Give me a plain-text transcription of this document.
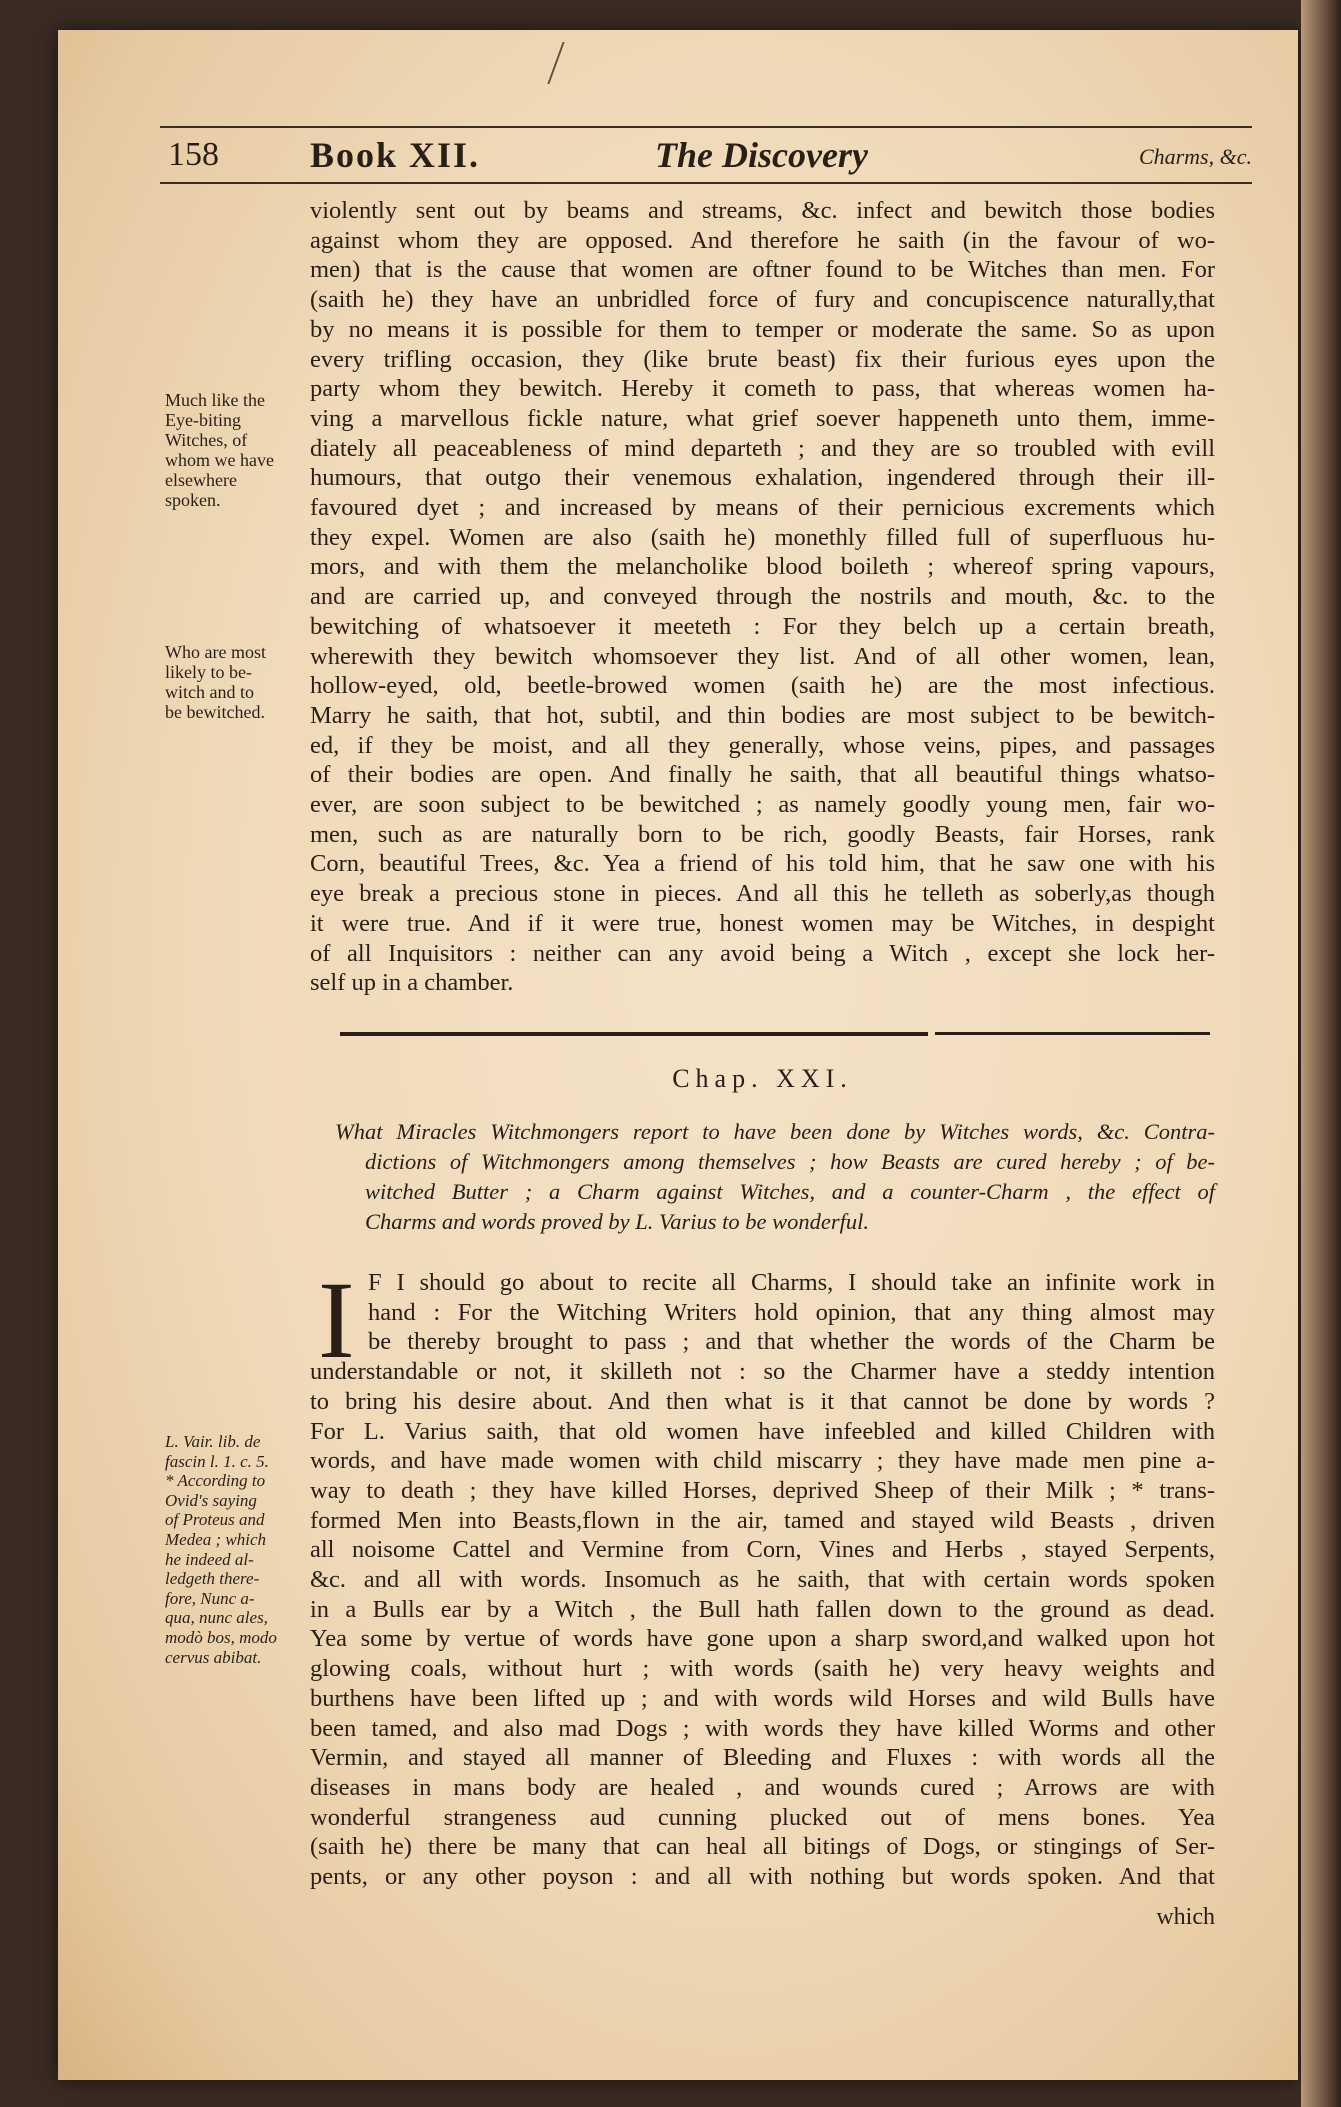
158	Book XII.	The Discovery	Charms, &c.
violently sent out by beams and streams, &c. infect and bewitch those bodies
against whom they are opposed. And therefore he saith (in the favour of wo-
men) that is the cause that women are oftner found to be Witches than men. For
(saith he) they have an unbridled force of fury and concupiscence naturally,that
by no means it is possible for them to temper or moderate the same. So as upon
every trifling occasion, they (like brute beast) fix their furious eyes upon the
party whom they bewitch. Hereby it cometh to pass, that whereas women ha-
ving a marvellous fickle nature, what grief soever happeneth unto them, imme-
diately all peaceableness of mind departeth ; and they are so troubled with evill
humours, that outgo their venemous exhalation, ingendered through their ill-
favoured dyet ; and increased by means of their pernicious excrements which
they expel. Women are also (saith he) monethly filled full of superfluous hu-
mors, and with them the melancholike blood boileth ; whereof spring vapours,
and are carried up, and conveyed through the nostrils and mouth, &c. to the
bewitching of whatsoever it meeteth : For they belch up a certain breath,
wherewith they bewitch whomsoever they list. And of all other women, lean,
hollow-eyed, old, beetle-browed women (saith he) are the most infectious.
Marry he saith, that hot, subtil, and thin bodies are most subject to be bewitch-
ed, if they be moist, and all they generally, whose veins, pipes, and passages
of their bodies are open. And finally he saith, that all beautiful things whatso-
ever, are soon subject to be bewitched ; as namely goodly young men, fair wo-
men, such as are naturally born to be rich, goodly Beasts, fair Horses, rank
Corn, beautiful Trees, &c. Yea a friend of his told him, that he saw one with his
eye break a precious stone in pieces. And all this he telleth as soberly,as though
it were true. And if it were true, honest women may be Witches, in despight
of all Inquisitors : neither can any avoid being a Witch , except she lock her-
self up in a chamber.
Much like the
Eye-biting
Witches, of
whom we have
elsewhere
spoken.
Who are most
likely to be-
witch and to
be bewitched.
Chap. XXI.
What Miracles Witchmongers report to have been done by Witches words, &c. Contra-
dictions of Witchmongers among themselves ; how Beasts are cured hereby ; of be-
witched Butter ; a Charm against Witches, and a counter-Charm , the effect of
Charms and words proved by L. Varius to be wonderful.
I F I should go about to recite all Charms, I should take an infinite work in
hand : For the Witching Writers hold opinion, that any thing almost may
be thereby brought to pass ; and that whether the words of the Charm be
understandable or not, it skilleth not : so the Charmer have a steddy intention
to bring his desire about. And then what is it that cannot be done by words ?
For L. Varius saith, that old women have infeebled and killed Children with
words, and have made women with child miscarry ; they have made men pine a-
way to death ; they have killed Horses, deprived Sheep of their Milk ; * trans-
formed Men into Beasts,flown in the air, tamed and stayed wild Beasts , driven
all noisome Cattel and Vermine from Corn, Vines and Herbs , stayed Serpents,
&c. and all with words. Insomuch as he saith, that with certain words spoken
in a Bulls ear by a Witch , the Bull hath fallen down to the ground as dead.
Yea some by vertue of words have gone upon a sharp sword,and walked upon hot
glowing coals, without hurt ; with words (saith he) very heavy weights and
burthens have been lifted up ; and with words wild Horses and wild Bulls have
been tamed, and also mad Dogs ; with words they have killed Worms and other
Vermin, and stayed all manner of Bleeding and Fluxes : with words all the
diseases in mans body are healed , and wounds cured ; Arrows are with
wonderful strangeness aud cunning plucked out of mens bones. Yea
(saith he) there be many that can heal all bitings of Dogs, or stingings of Ser-
pents, or any other poyson : and all with nothing but words spoken. And that
L. Vair. lib. de
fascin l. 1. c. 5.
* According to
Ovid's saying
of Proteus and
Medea ; which
he indeed al-
ledgeth there-
fore, Nunc a-
qua, nunc ales,
modò bos, modo
cervus abibat.
which
